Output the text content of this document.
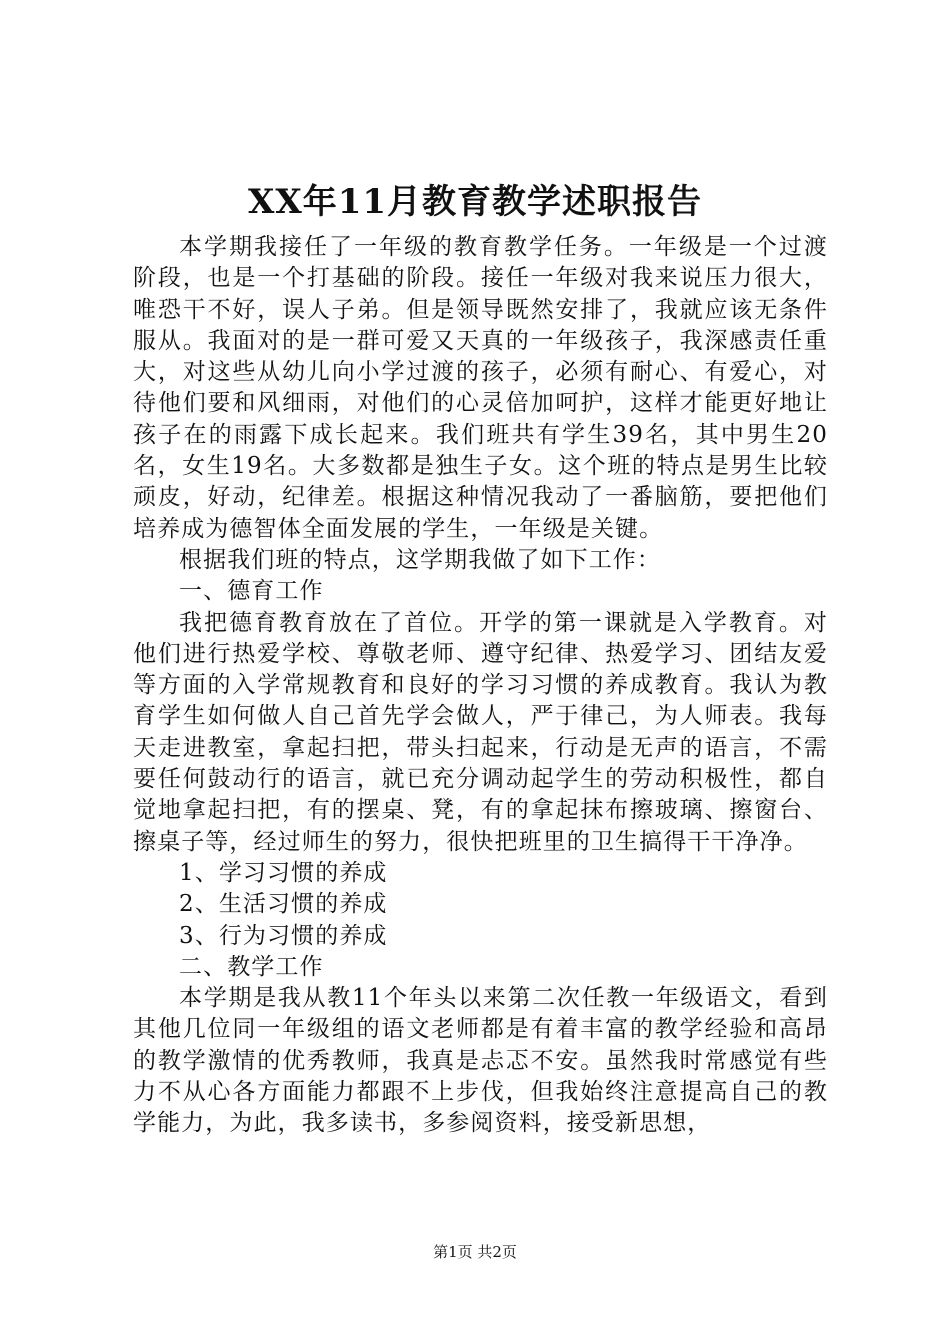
XX年11月教育教学述职报告

本学期我接任了一年级的教育教学任务。一年级是一个过渡阶段，也是一个打基础的阶段。接任一年级对我来说压力很大，唯恐干不好，误人子弟。但是领导既然安排了，我就应该无条件服从。我面对的是一群可爱又天真的一年级孩子，我深感责任重大，对这些从幼儿向小学过渡的孩子，必须有耐心、有爱心，对待他们要和风细雨，对他们的心灵倍加呵护，这样才能更好地让孩子在的雨露下成长起来。我们班共有学生39名，其中男生20名，女生19名。大多数都是独生子女。这个班的特点是男生比较顽皮，好动，纪律差。根据这种情况我动了一番脑筋，要把他们培养成为德智体全面发展的学生，一年级是关键。

根据我们班的特点，这学期我做了如下工作：

一、德育工作

我把德育教育放在了首位。开学的第一课就是入学教育。对他们进行热爱学校、尊敬老师、遵守纪律、热爱学习、团结友爱等方面的入学常规教育和良好的学习习惯的养成教育。我认为教育学生如何做人自己首先学会做人，严于律己，为人师表。我每天走进教室，拿起扫把，带头扫起来，行动是无声的语言，不需要任何鼓动行的语言，就已充分调动起学生的劳动积极性，都自觉地拿起扫把，有的摆桌、凳，有的拿起抹布擦玻璃、擦窗台、擦桌子等，经过师生的努力，很快把班里的卫生搞得干干净净。

1、学习习惯的养成

2、生活习惯的养成

3、行为习惯的养成

二、教学工作

本学期是我从教11个年头以来第二次任教一年级语文，看到其他几位同一年级组的语文老师都是有着丰富的教学经验和高昂的教学激情的优秀教师，我真是忐忑不安。虽然我时常感觉有些力不从心各方面能力都跟不上步伐，但我始终注意提高自己的教学能力，为此，我多读书，多参阅资料，接受新思想，

第1页 共2页
